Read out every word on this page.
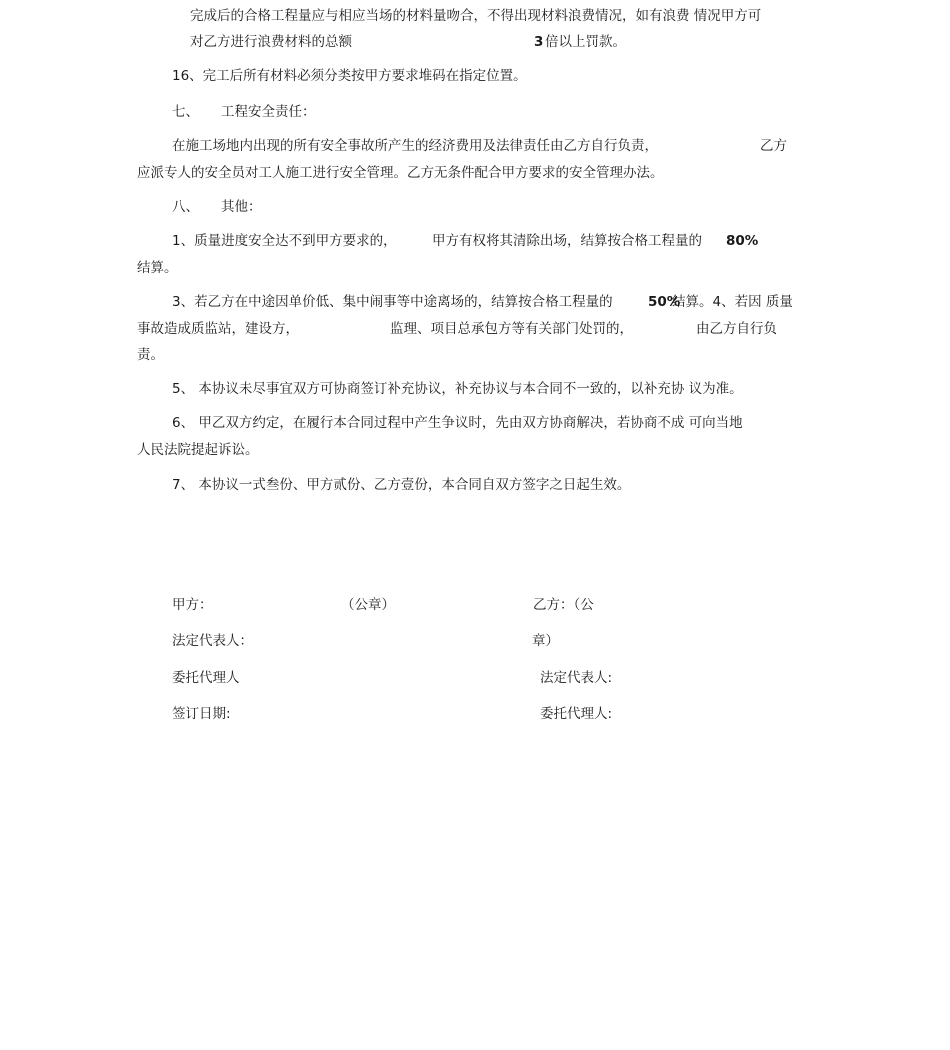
完成后的合格工程量应与相应当场的材料量吻合，不得出现材料浪费情况，如有浪费 情况甲方可
对乙方进行浪费材料的总额	3 倍以上罚款。
16、完工后所有材料必须分类按甲方要求堆码在指定位置。
七、 工程安全责任：
在施工场地内出现的所有安全事故所产生的经济费用及法律责任由乙方自行负责，	乙方
应派专人的安全员对工人施工进行安全管理。乙方无条件配合甲方要求的安全管理办法。
八、 其他：
1、质量进度安全达不到甲方要求的，	甲方有权将其清除出场，结算按合格工程量的 80%
结算。
3、若乙方在中途因单价低、集中闹事等中途离场的，结算按合格工程量的	50%
结算。4、若因 质量
事故造成质监站，建设方，	监理、项目总承包方等有关部门处罚的，	由乙方自行负
责。
5、 本协议未尽事宜双方可协商签订补充协议，补充协议与本合同不一致的，以补充协 议为准。
6、 甲乙双方约定，在履行本合同过程中产生争议时，先由双方协商解决，若协商不成 可向当地
人民法院提起诉讼。
7、 本协议一式叁份、甲方贰份、乙方壹份，本合同自双方签字之日起生效。
甲方：	（公章）	乙方：（公
法定代表人：	章）
委托代理人	法定代表人:
签订日期:	委托代理人:
